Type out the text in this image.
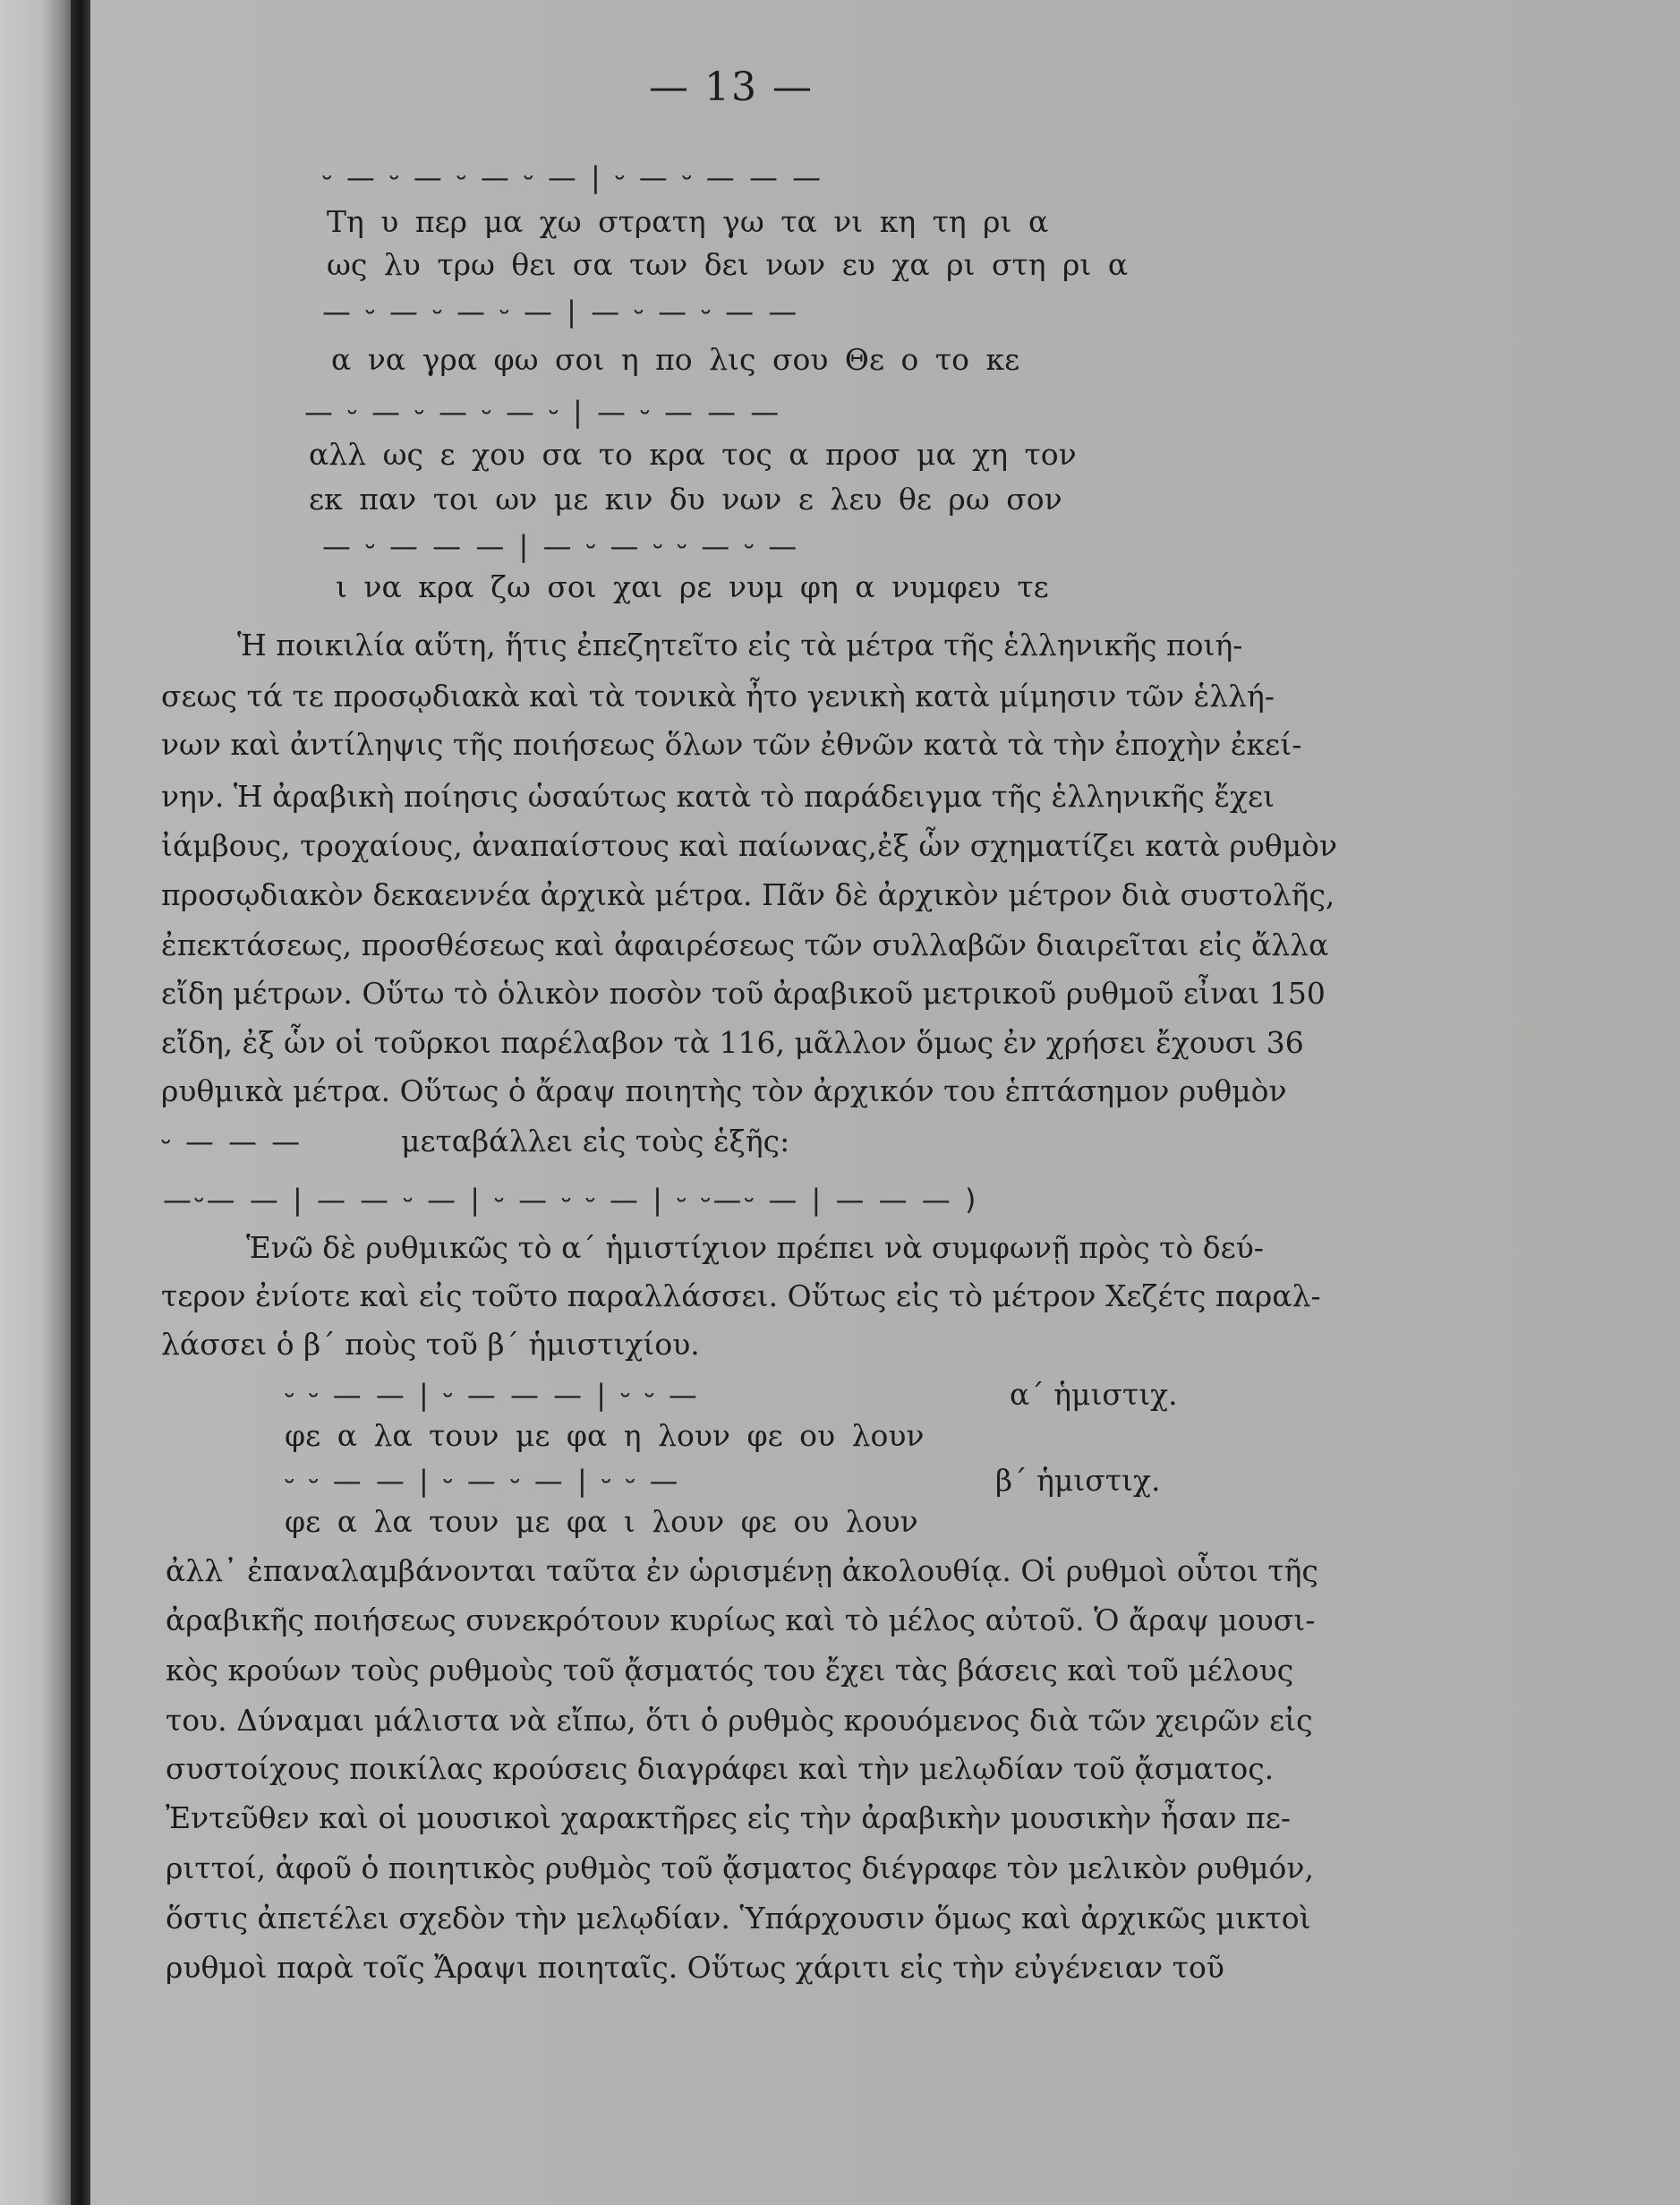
— 13 —
⏑ — ⏑ — ⏑ — ⏑ — | ⏑ — ⏑ — — —
Τη υ περ μα χω στρατη γω τα νι κη τη ρι α
ως λυ τρω θει σα των δει νων ευ χα ρι στη ρι α
— ⏑ — ⏑ — ⏑ — | — ⏑ — ⏑ — —
α να γρα φω σοι η πο λις σου Θε ο το κε
— ⏑ — ⏑ — ⏑ — ⏑ | — ⏑ — — —
αλλ ως ε χου σα το κρα τος α προσ μα χη τον
εκ παν τοι ων με κιν δυ νων ε λευ θε ρω σον
— ⏑ — — — | — ⏑ — ⏑ ⏑ — ⏑ —
ι να κρα ζω σοι χαι ρε νυμ φη α νυμφευ τε
Ἡ ποικιλία αὕτη, ἥτις ἐπεζητεῖτο εἰς τὰ μέτρα τῆς ἑλληνικῆς ποιή-
σεως τά τε προσῳδιακὰ καὶ τὰ τονικὰ ἦτο γενικὴ κατὰ μίμησιν τῶν ἑλλή-
νων καὶ ἀντίληψις τῆς ποιήσεως ὅλων τῶν ἐθνῶν κατὰ τὰ τὴν ἐποχὴν ἐκεί-
νην. Ἡ ἀραβικὴ ποίησις ὡσαύτως κατὰ τὸ παράδειγμα τῆς ἑλληνικῆς ἔχει
ἰάμβους, τροχαίους, ἀναπαίστους καὶ παίωνας,ἐξ ὧν σχηματίζει κατὰ ρυθμὸν
προσῳδιακὸν δεκαεννέα ἀρχικὰ μέτρα. Πᾶν δὲ ἀρχικὸν μέτρον διὰ συστολῆς,
ἐπεκτάσεως, προσθέσεως καὶ ἀφαιρέσεως τῶν συλλαβῶν διαιρεῖται εἰς ἄλλα
εἴδη μέτρων. Οὕτω τὸ ὁλικὸν ποσὸν τοῦ ἀραβικοῦ μετρικοῦ ρυθμοῦ εἶναι 150
εἴδη, ἐξ ὧν οἱ τοῦρκοι παρέλαβον τὰ 116, μᾶλλον ὅμως ἐν χρήσει ἔχουσι 36
ρυθμικὰ μέτρα. Οὕτως ὁ ἄραψ ποιητὴς τὸν ἀρχικόν του ἑπτάσημον ρυθμὸν
⏑ — — —	μεταβάλλει εἰς τοὺς ἑξῆς:
—⏑— — | — — ⏑ — | ⏑ — ⏑ ⏑ — | ⏑ ⏑—⏑ — | — — — )
Ἑνῶ δὲ ρυθμικῶς τὸ α΄ ἡμιστίχιον πρέπει νὰ συμφωνῇ πρὸς τὸ δεύ-
τερον ἐνίοτε καὶ εἰς τοῦτο παραλλάσσει. Οὕτως εἰς τὸ μέτρον Χεζέτς παραλ-
λάσσει ὁ β΄ ποὺς τοῦ β΄ ἡμιστιχίου.
⏑ ⏑ — — | ⏑ — — — | ⏑ ⏑ —	α΄ ἡμιστιχ.
φε α λα τουν με φα η λουν φε ου λουν
⏑ ⏑ — — | ⏑ — ⏑ — | ⏑ ⏑ —	β΄ ἡμιστιχ.
φε α λα τουν με φα ι λουν φε ου λουν
ἀλλ᾽ ἐπαναλαμβάνονται ταῦτα ἐν ὡρισμένῃ ἀκολουθίᾳ. Οἱ ρυθμοὶ οὗτοι τῆς
ἀραβικῆς ποιήσεως συνεκρότουν κυρίως καὶ τὸ μέλος αὐτοῦ. Ὁ ἄραψ μουσι-
κὸς κρούων τοὺς ρυθμοὺς τοῦ ᾄσματός του ἔχει τὰς βάσεις καὶ τοῦ μέλους
του. Δύναμαι μάλιστα νὰ εἴπω, ὅτι ὁ ρυθμὸς κρουόμενος διὰ τῶν χειρῶν εἰς
συστοίχους ποικίλας κρούσεις διαγράφει καὶ τὴν μελῳδίαν τοῦ ᾄσματος.
Ἐντεῦθεν καὶ οἱ μουσικοὶ χαρακτῆρες εἰς τὴν ἀραβικὴν μουσικὴν ἦσαν πε-
ριττοί, ἀφοῦ ὁ ποιητικὸς ρυθμὸς τοῦ ᾄσματος διέγραφε τὸν μελικὸν ρυθμόν,
ὅστις ἀπετέλει σχεδὸν τὴν μελῳδίαν. Ὑπάρχουσιν ὅμως καὶ ἀρχικῶς μικτοὶ
ρυθμοὶ παρὰ τοῖς Ἄραψι ποιηταῖς. Οὕτως χάριτι εἰς τὴν εὐγένειαν τοῦ
